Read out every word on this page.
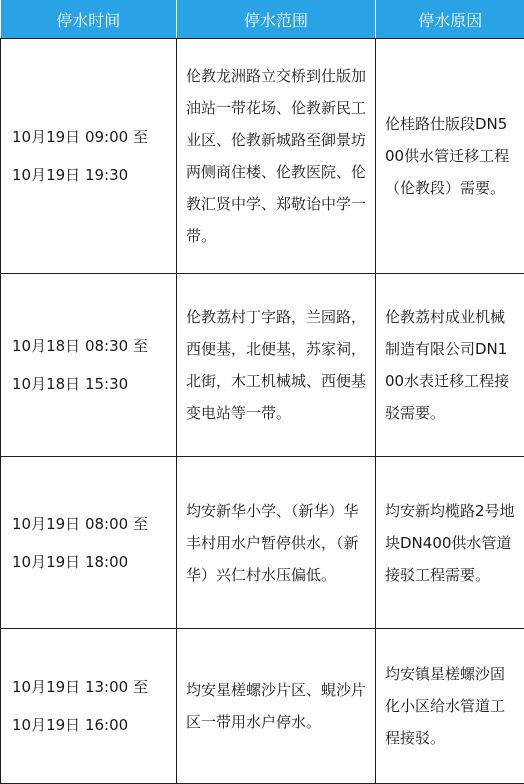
停水时间	停水范围	停水原因

10月19日 09:00 至
10月19日 19:30	伦教龙洲路立交桥到仕版加油站一带花场、伦教新民工业区、伦教新城路至御景坊两侧商住楼、伦教医院、伦教汇贤中学、郑敬诒中学一带。	伦桂路仕版段DN500供水管迁移工程（伦教段）需要。

10月18日 08:30 至
10月18日 15:30	伦教荔村丁字路，兰园路，西便基，北便基，苏家祠，北街，木工机械城、西便基变电站等一带。	伦教荔村成业机械制造有限公司DN100水表迁移工程接驳需要。

10月19日 08:00 至
10月19日 18:00	均安新华小学、（新华）华丰村用水户暂停供水，（新华）兴仁村水压偏低。	均安新均榄路2号地块DN400供水管道接驳工程需要。

10月19日 13:00 至
10月19日 16:00	均安星槎螺沙片区、蜆沙片区一带用水户停水。	均安镇星槎螺沙固化小区给水管道工程接驳。
